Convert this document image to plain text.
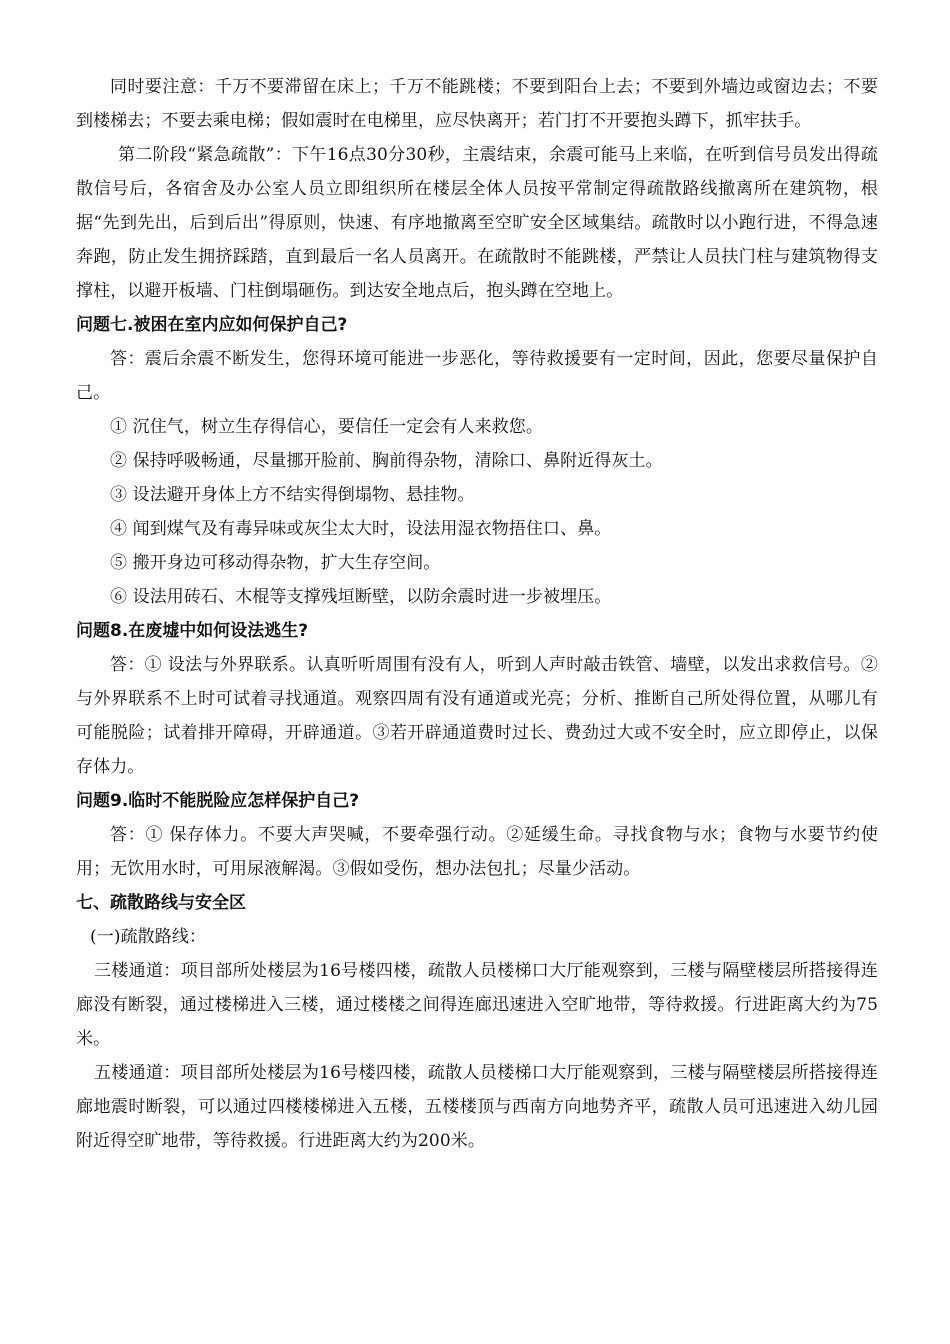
同时要注意：千万不要滞留在床上；千万不能跳楼；不要到阳台上去；不要到外墙边或窗边去；不要到楼梯去；不要去乘电梯；假如震时在电梯里，应尽快离开；若门打不开要抱头蹲下，抓牢扶手。

第二阶段“紧急疏散”：下午16点30分30秒，主震结束，余震可能马上来临，在听到信号员发出得疏散信号后，各宿舍及办公室人员立即组织所在楼层全体人员按平常制定得疏散路线撤离所在建筑物，根据“先到先出，后到后出”得原则，快速、有序地撤离至空旷安全区域集结。疏散时以小跑行进，不得急速奔跑，防止发生拥挤踩踏，直到最后一名人员离开。在疏散时不能跳楼，严禁让人员扶门柱与建筑物得支撑柱，以避开板墙、门柱倒塌砸伤。到达安全地点后，抱头蹲在空地上。

问题七.被困在室内应如何保护自己?

答：震后余震不断发生，您得环境可能进一步恶化，等待救援要有一定时间，因此，您要尽量保护自己。

① 沉住气，树立生存得信心，要信任一定会有人来救您。

② 保持呼吸畅通，尽量挪开脸前、胸前得杂物，清除口、鼻附近得灰土。

③ 设法避开身体上方不结实得倒塌物、悬挂物。

④ 闻到煤气及有毒异味或灰尘太大时，设法用湿衣物捂住口、鼻。

⑤ 搬开身边可移动得杂物，扩大生存空间。

⑥ 设法用砖石、木棍等支撑残垣断壁，以防余震时进一步被埋压。

问题8.在废墟中如何设法逃生?

答：① 设法与外界联系。认真听听周围有没有人，听到人声时敲击铁管、墙壁，以发出求救信号。②与外界联系不上时可试着寻找通道。观察四周有没有通道或光亮；分析、推断自己所处得位置，从哪儿有可能脱险；试着排开障碍，开辟通道。③若开辟通道费时过长、费劲过大或不安全时，应立即停止，以保存体力。

问题9.临时不能脱险应怎样保护自己?

答：① 保存体力。不要大声哭喊，不要牵强行动。②延缓生命。寻找食物与水；食物与水要节约使用；无饮用水时，可用尿液解渴。③假如受伤，想办法包扎；尽量少活动。

七、疏散路线与安全区

(一)疏散路线：

三楼通道：项目部所处楼层为16号楼四楼，疏散人员楼梯口大厅能观察到，三楼与隔壁楼层所搭接得连廊没有断裂，通过楼梯进入三楼，通过楼楼之间得连廊迅速进入空旷地带，等待救援。行进距离大约为75米。

五楼通道：项目部所处楼层为16号楼四楼，疏散人员楼梯口大厅能观察到，三楼与隔壁楼层所搭接得连廊地震时断裂，可以通过四楼楼梯进入五楼，五楼楼顶与西南方向地势齐平，疏散人员可迅速进入幼儿园附近得空旷地带，等待救援。行进距离大约为200米。
